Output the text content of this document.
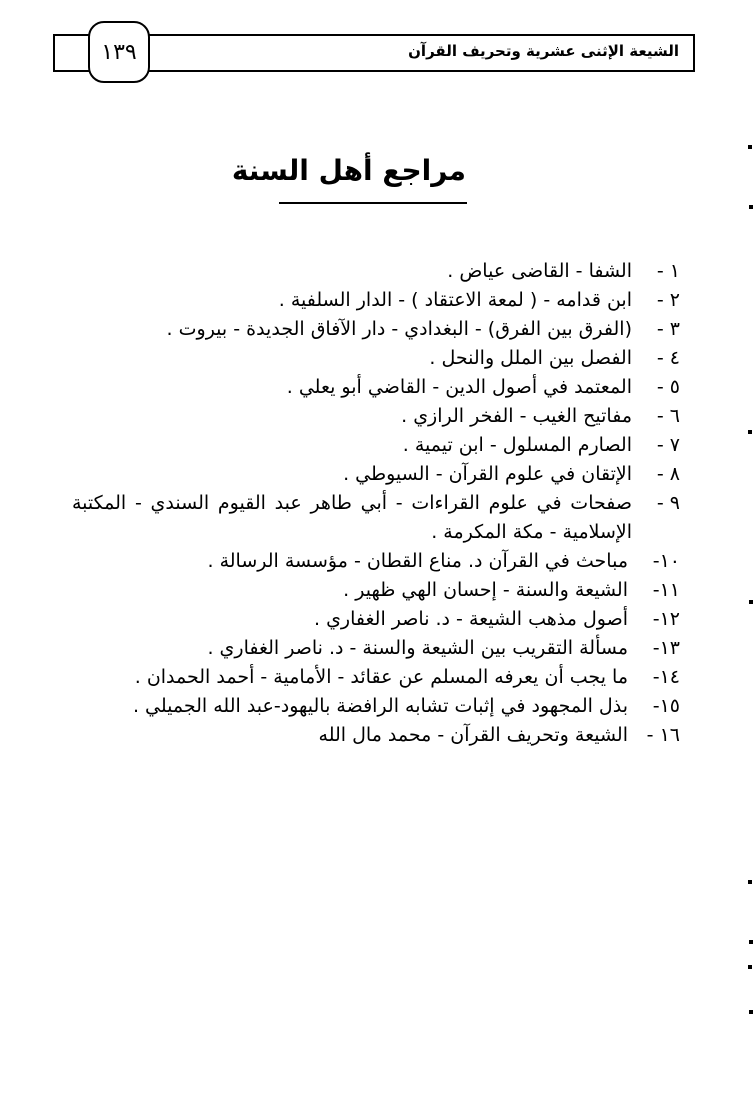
الشيعة الإثنى عشرية وتحريف القرآن
١٣٩
مراجع أهل السنة
١ -
الشفا - القاضى عياض .
٢ -
ابن قدامه - ( لمعة الاعتقاد ) - الدار السلفية .
٣ -
(الفرق بين الفرق) - البغدادي - دار الآفاق الجديدة - بيروت .
٤ -
الفصل بين الملل والنحل .
٥ -
المعتمد في أصول الدين - القاضي أبو يعلي .
٦ -
مفاتيح الغيب - الفخر الرازي .
٧ -
الصارم المسلول - ابن تيمية .
٨ -
الإتقان في علوم القرآن - السيوطي .
٩ -
صفحات في علوم القراءات - أبي طاهر عبد القيوم السندي - المكتبة الإسلامية - مكة المكرمة .
١٠-
مباحث في القرآن د. مناع القطان - مؤسسة الرسالة .
١١-
الشيعة والسنة - إحسان الهي ظهير .
١٢-
أصول مذهب الشيعة - د. ناصر الغفاري .
١٣-
مسألة التقريب بين الشيعة والسنة - د. ناصر الغفاري .
١٤-
ما يجب أن يعرفه المسلم عن عقائد - الأمامية - أحمد الحمدان .
١٥-
بذل المجهود في إثبات تشابه الرافضة باليهود-عبد الله الجميلي .
١٦ -
الشيعة وتحريف القرآن - محمد مال الله
